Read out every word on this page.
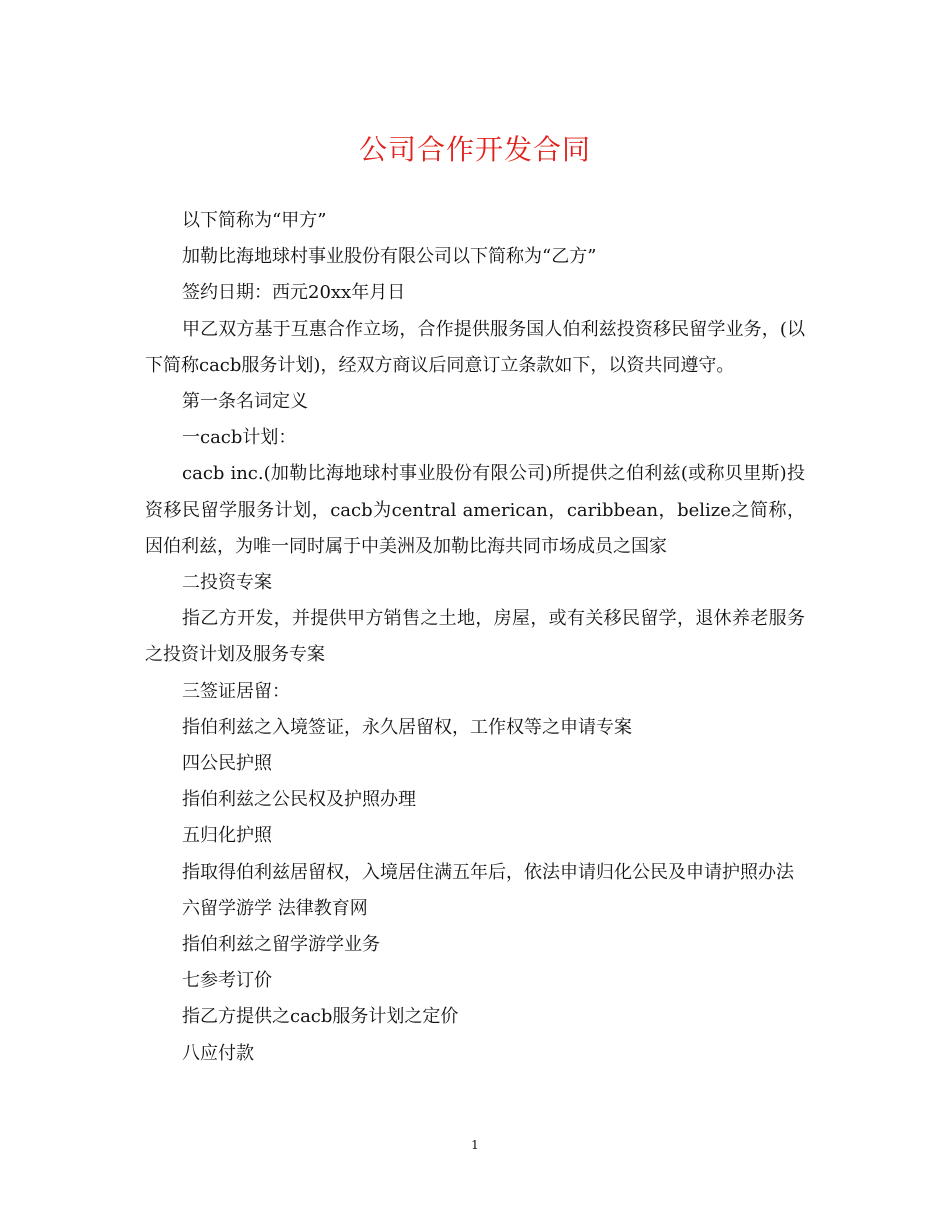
公司合作开发合同

以下简称为“甲方”

加勒比海地球村事业股份有限公司以下简称为“乙方”

签约日期：西元20xx年月日

甲乙双方基于互惠合作立场，合作提供服务国人伯利兹投资移民留学业务，(以下简称cacb服务计划)，经双方商议后同意订立条款如下，以资共同遵守。

第一条名词定义

一cacb计划：

cacb inc.(加勒比海地球村事业股份有限公司)所提供之伯利兹(或称贝里斯)投资移民留学服务计划，cacb为central american，caribbean，belize之简称，因伯利兹，为唯一同时属于中美洲及加勒比海共同市场成员之国家

二投资专案

指乙方开发，并提供甲方销售之土地，房屋，或有关移民留学，退休养老服务之投资计划及服务专案

三签证居留：

指伯利兹之入境签证，永久居留权，工作权等之申请专案

四公民护照

指伯利兹之公民权及护照办理

五归化护照

指取得伯利兹居留权，入境居住满五年后，依法申请归化公民及申请护照办法

六留学游学 法律教育网

指伯利兹之留学游学业务

七参考订价

指乙方提供之cacb服务计划之定价

八应付款

1
